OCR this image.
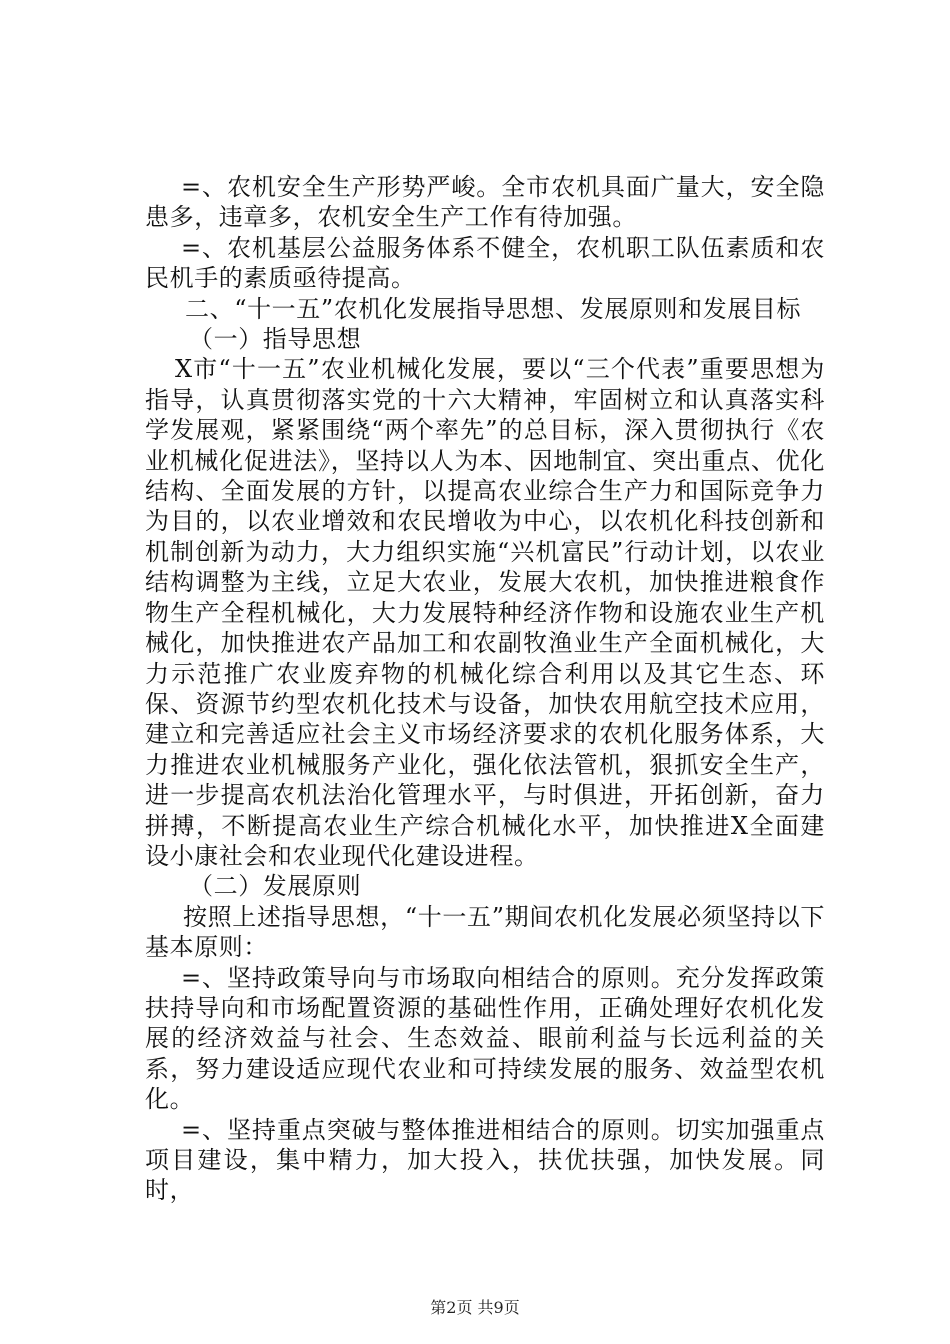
=、农机安全生产形势严峻。全市农机具面广量大，安全隐患多，违章多，农机安全生产工作有待加强。

=、农机基层公益服务体系不健全，农机职工队伍素质和农民机手的素质亟待提高。

二、“十一五”农机化发展指导思想、发展原则和发展目标

（一）指导思想

X市“十一五”农业机械化发展，要以“三个代表”重要思想为指导，认真贯彻落实党的十六大精神，牢固树立和认真落实科学发展观，紧紧围绕“两个率先”的总目标，深入贯彻执行《农业机械化促进法》，坚持以人为本、因地制宜、突出重点、优化结构、全面发展的方针，以提高农业综合生产力和国际竞争力为目的，以农业增效和农民增收为中心，以农机化科技创新和机制创新为动力，大力组织实施“兴机富民”行动计划，以农业结构调整为主线，立足大农业，发展大农机，加快推进粮食作物生产全程机械化，大力发展特种经济作物和设施农业生产机械化，加快推进农产品加工和农副牧渔业生产全面机械化，大力示范推广农业废弃物的机械化综合利用以及其它生态、环保、资源节约型农机化技术与设备，加快农用航空技术应用，建立和完善适应社会主义市场经济要求的农机化服务体系，大力推进农业机械服务产业化，强化依法管机，狠抓安全生产，进一步提高农机法治化管理水平，与时俱进，开拓创新，奋力拼搏，不断提高农业生产综合机械化水平，加快推进X全面建设小康社会和农业现代化建设进程。

（二）发展原则

按照上述指导思想，“十一五”期间农机化发展必须坚持以下基本原则：

=、坚持政策导向与市场取向相结合的原则。充分发挥政策扶持导向和市场配置资源的基础性作用，正确处理好农机化发展的经济效益与社会、生态效益、眼前利益与长远利益的关系，努力建设适应现代农业和可持续发展的服务、效益型农机化。

=、坚持重点突破与整体推进相结合的原则。切实加强重点项目建设，集中精力，加大投入，扶优扶强，加快发展。同时，

第2页 共9页
